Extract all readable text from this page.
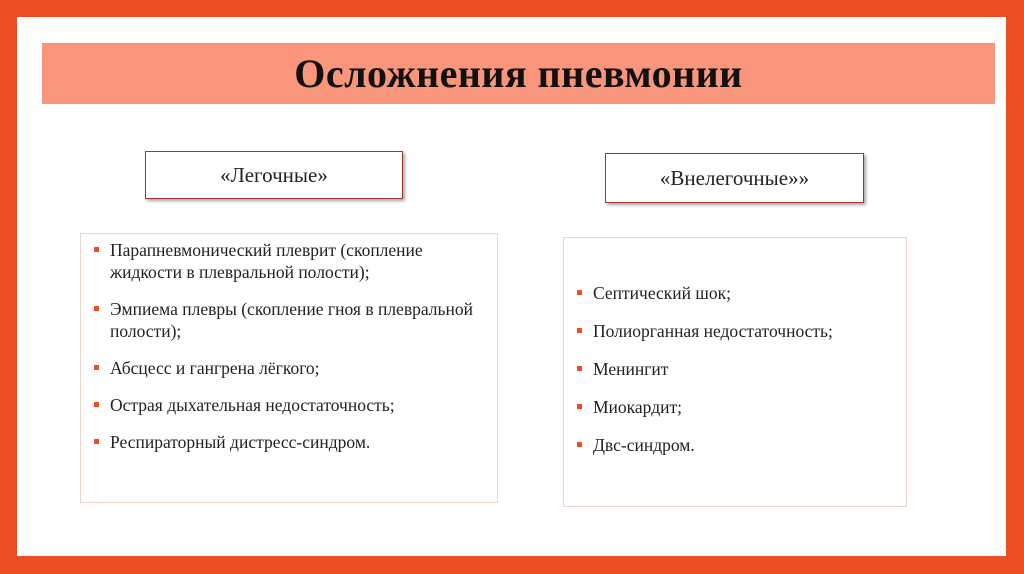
Осложнения пневмонии
«Легочные»	«Внелегочные»»
Парапневмонический плеврит (скопление жидкости в плевральной полости);
Эмпиема плевры (скопление гноя в плевральной полости);
Абсцесс и гангрена лёгкого;
Острая дыхательная недостаточность;
Респираторный дистресс-синдром.
Септический шок;
Полиорганная недостаточность;
Менингит
Миокардит;
Двс-синдром.
